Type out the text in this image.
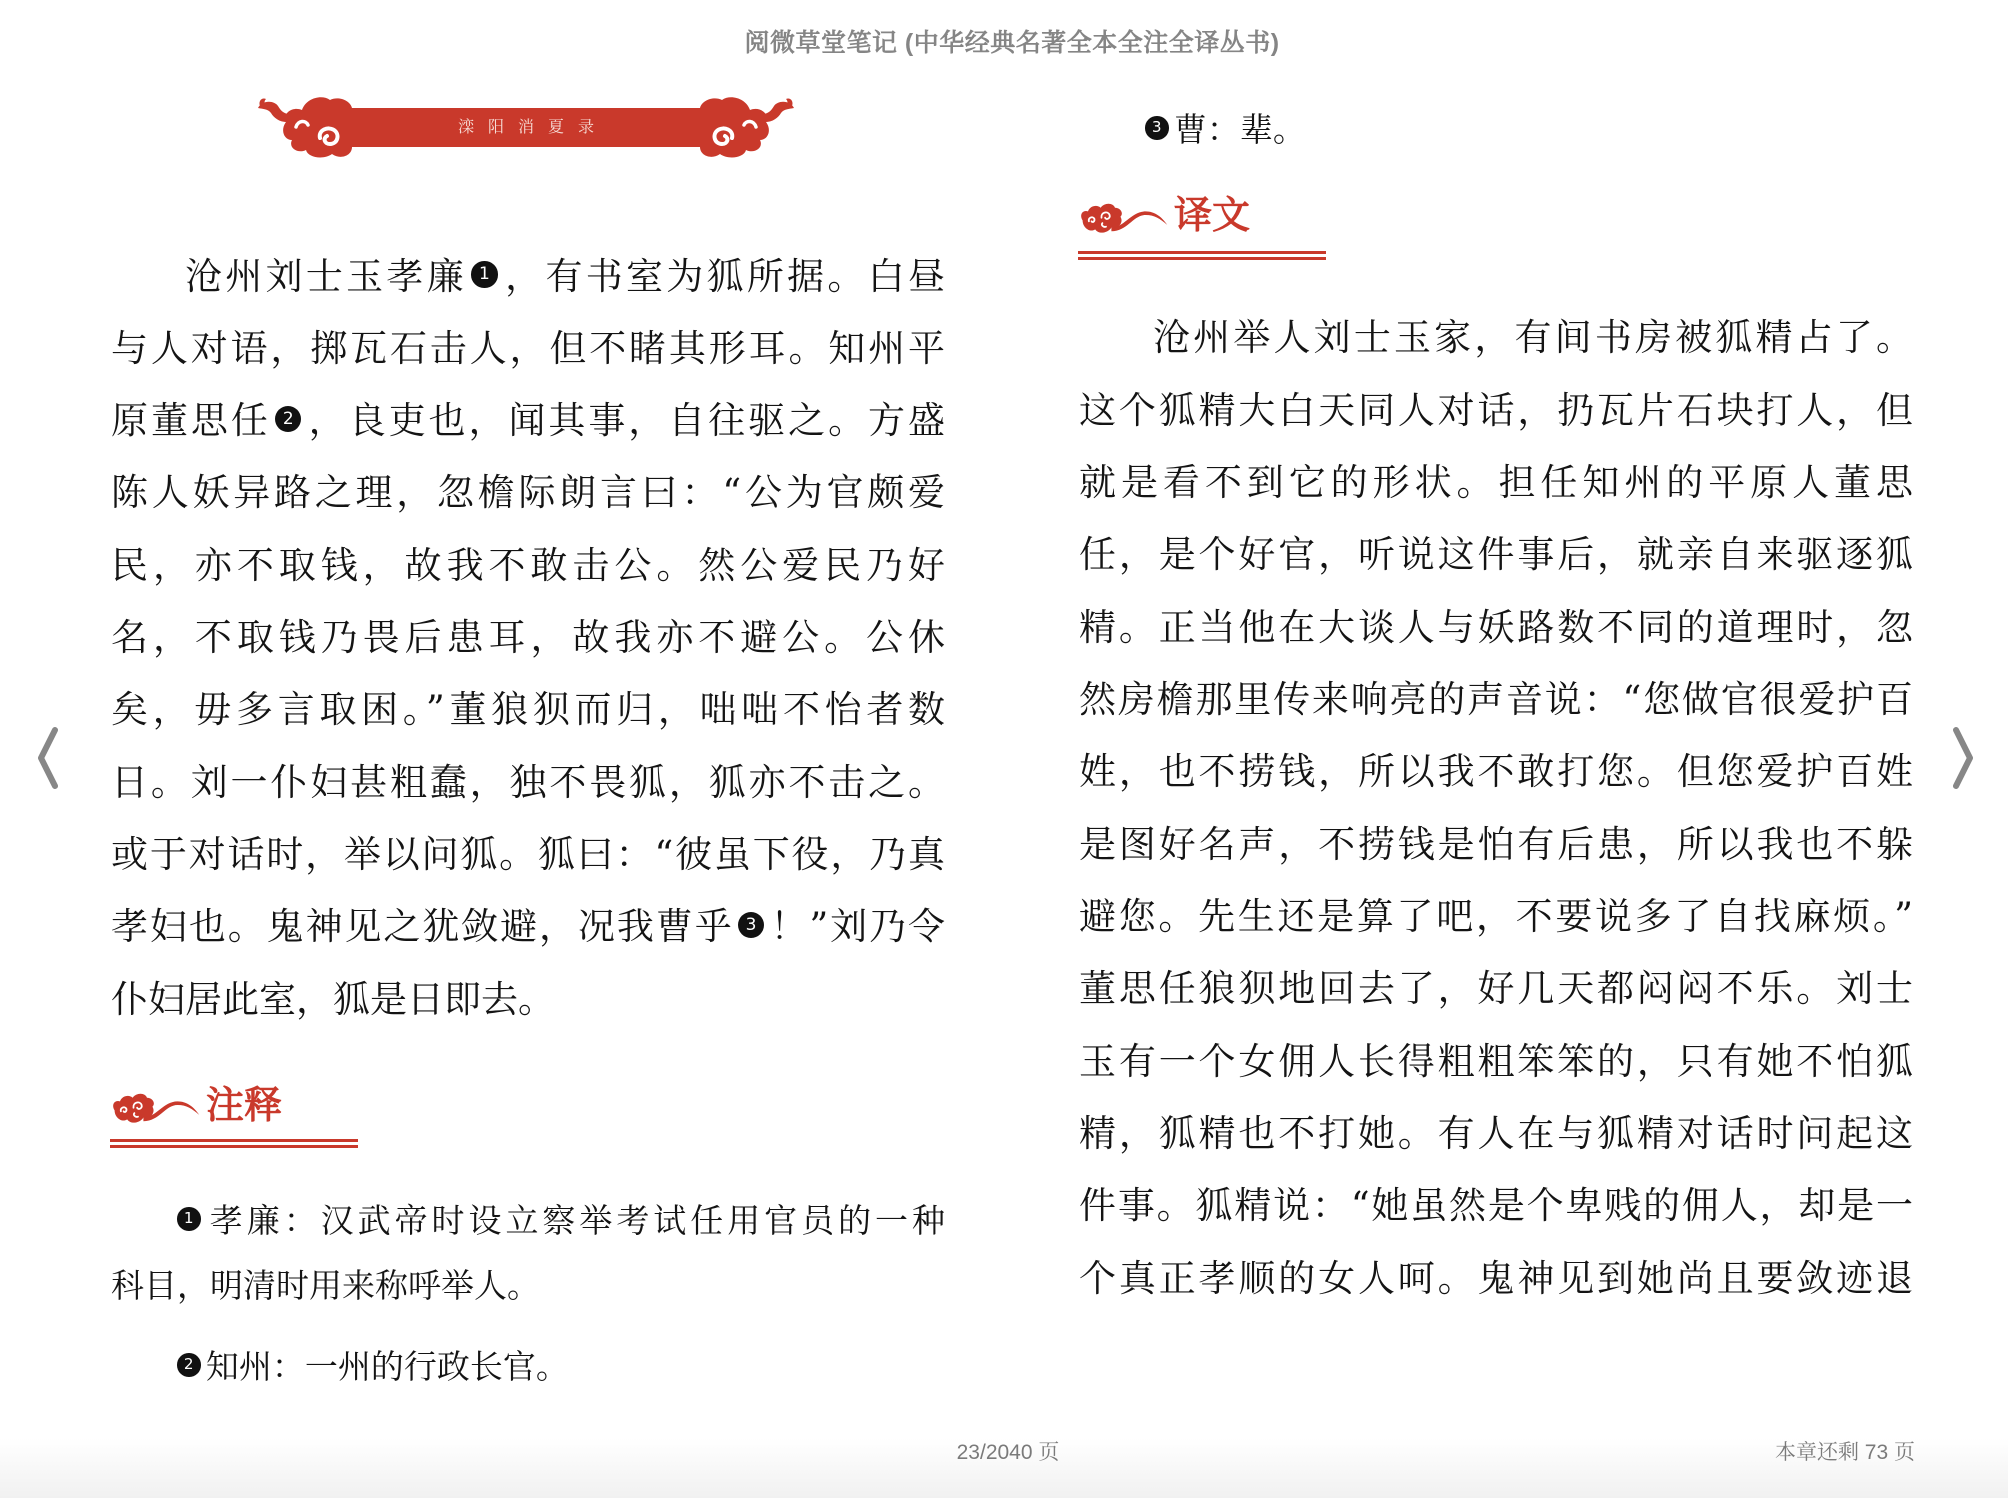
阅微草堂笔记 (中华经典名著全本全注全译丛书)
滦阳消夏录
沧州刘士玉孝廉 1 ，有书室为狐所据。白昼
与人对语，掷瓦石击人，但不睹其形耳。知州平
原董思任 2 ，良吏也，闻其事，自往驱之。方盛
陈人妖异路之理，忽檐际朗言曰：“公为官颇爱
民，亦不取钱，故我不敢击公。然公爱民乃好
名，不取钱乃畏后患耳，故我亦不避公。公休
矣，毋多言取困。”董狼狈而归，咄咄不怡者数
日。刘一仆妇甚粗蠢，独不畏狐，狐亦不击之。
或于对话时，举以问狐。狐曰：“彼虽下役，乃真
孝妇也。鬼神见之犹敛避，况我曹乎 3 ！”刘乃令
仆妇居此室，狐是日即去。
注释
1 孝廉：汉武帝时设立察举考试任用官员的一种
科目，明清时用来称呼举人。
2 知州：一州的行政长官。
3 曹：辈。
译文
沧州举人刘士玉家，有间书房被狐精占了。
这个狐精大白天同人对话，扔瓦片石块打人，但
就是看不到它的形状。担任知州的平原人董思
任，是个好官，听说这件事后，就亲自来驱逐狐
精。正当他在大谈人与妖路数不同的道理时，忽
然房檐那里传来响亮的声音说：“您做官很爱护百
姓，也不捞钱，所以我不敢打您。但您爱护百姓
是图好名声，不捞钱是怕有后患，所以我也不躲
避您。先生还是算了吧，不要说多了自找麻烦。”
董思任狼狈地回去了，好几天都闷闷不乐。刘士
玉有一个女佣人长得粗粗笨笨的，只有她不怕狐
精，狐精也不打她。有人在与狐精对话时问起这
件事。狐精说：“她虽然是个卑贱的佣人，却是一
个真正孝顺的女人呵。鬼神见到她尚且要敛迹退
23/2040 页	本章还剩 73 页
